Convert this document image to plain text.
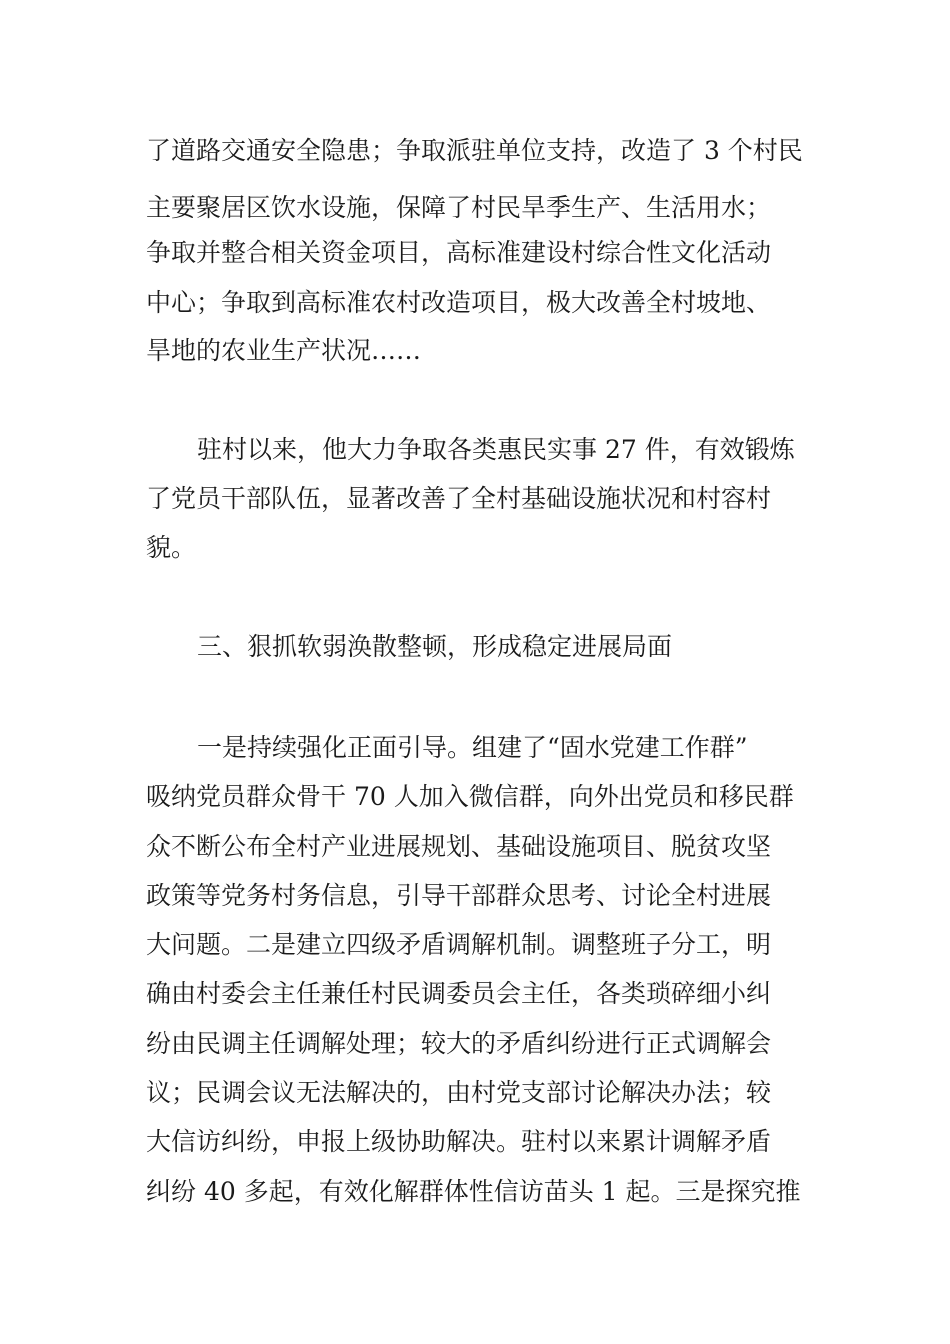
了道路交通安全隐患；争取派驻单位支持，改造了 3 个村民

主要聚居区饮水设施，保障了村民旱季生产、生活用水；

争取并整合相关资金项目，高标准建设村综合性文化活动

中心；争取到高标准农村改造项目，极大改善全村坡地、

旱地的农业生产状况……

驻村以来，他大力争取各类惠民实事 27 件，有效锻炼

了党员干部队伍，显著改善了全村基础设施状况和村容村

貌。

三、狠抓软弱涣散整顿，形成稳定进展局面

一是持续强化正面引导。组建了“固水党建工作群”

吸纳党员群众骨干 70 人加入微信群，向外出党员和移民群

众不断公布全村产业进展规划、基础设施项目、脱贫攻坚

政策等党务村务信息，引导干部群众思考、讨论全村进展

大问题。二是建立四级矛盾调解机制。调整班子分工，明

确由村委会主任兼任村民调委员会主任，各类琐碎细小纠

纷由民调主任调解处理；较大的矛盾纠纷进行正式调解会

议；民调会议无法解决的，由村党支部讨论解决办法；较

大信访纠纷，申报上级协助解决。驻村以来累计调解矛盾

纠纷 40 多起，有效化解群体性信访苗头 1 起。三是探究推
